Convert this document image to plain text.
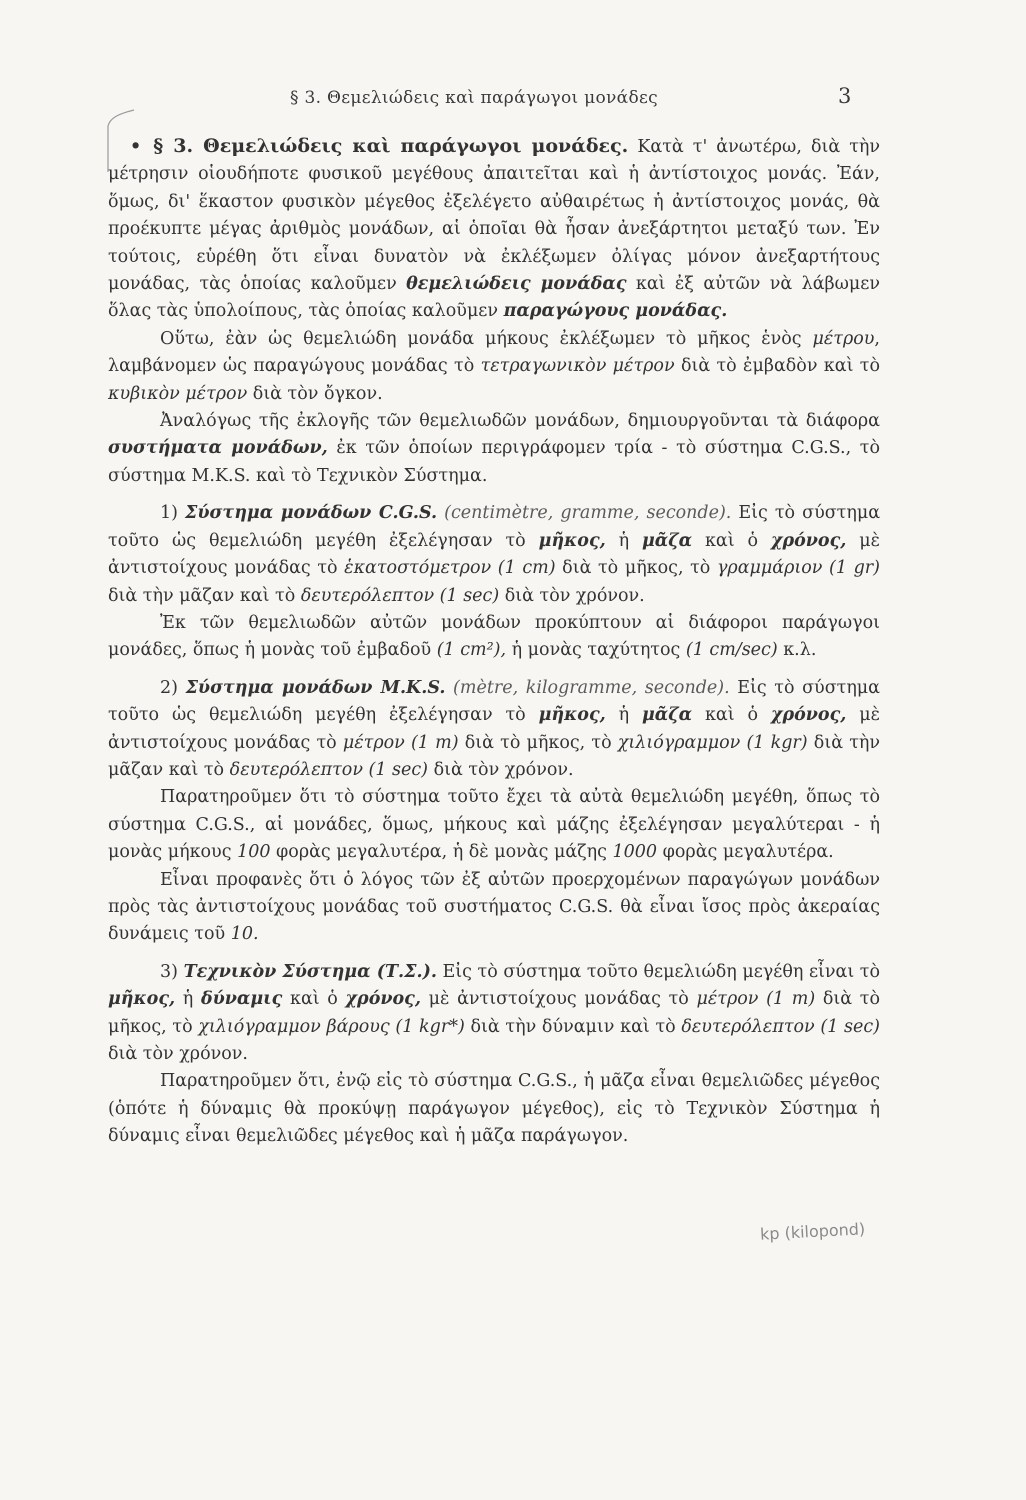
§ 3. Θεμελιώδεις καὶ παράγωγοι μονάδες	3

• § 3. Θεμελιώδεις καὶ παράγωγοι μονάδες. Κατὰ τ' ἀνωτέρω, διὰ τὴν μέτρησιν οἱουδήποτε φυσικοῦ μεγέθους ἀπαιτεῖται καὶ ἡ ἀντίστοιχος μονάς. Ἐάν, ὅμως, δι' ἕκαστον φυσικὸν μέγεθος ἐξελέγετο αὐθαιρέτως ἡ ἀντίστοιχος μονάς, θὰ προέκυπτε μέγας ἀριθμὸς μονάδων, αἱ ὁποῖαι θὰ ἦσαν ἀνεξάρτητοι μεταξύ των. Ἐν τούτοις, εὑρέθη ὅτι εἶναι δυνατὸν νὰ ἐκλέξωμεν ὀλίγας μόνον ἀνεξαρτήτους μονάδας, τὰς ὁποίας καλοῦμεν θεμελιώδεις μονάδας καὶ ἐξ αὐτῶν νὰ λάβωμεν ὅλας τὰς ὑπολοίπους, τὰς ὁποίας καλοῦμεν παραγώγους μονάδας.

Οὕτω, ἐὰν ὡς θεμελιώδη μονάδα μήκους ἐκλέξωμεν τὸ μῆκος ἑνὸς μέτρου, λαμβάνομεν ὡς παραγώγους μονάδας τὸ τετραγωνικὸν μέτρον διὰ τὸ ἐμβαδὸν καὶ τὸ κυβικὸν μέτρον διὰ τὸν ὄγκον.

Ἀναλόγως τῆς ἐκλογῆς τῶν θεμελιωδῶν μονάδων, δημιουργοῦνται τὰ διάφορα συστήματα μονάδων, ἐκ τῶν ὁποίων περιγράφομεν τρία - τὸ σύστημα C.G.S., τὸ σύστημα M.K.S. καὶ τὸ Τεχνικὸν Σύστημα.

1) Σύστημα μονάδων C.G.S. (centimètre, gramme, seconde). Εἰς τὸ σύστημα τοῦτο ὡς θεμελιώδη μεγέθη ἐξελέγησαν τὸ μῆκος, ἡ μᾶζα καὶ ὁ χρόνος, μὲ ἀντιστοίχους μονάδας τὸ ἑκατοστόμετρον (1 cm) διὰ τὸ μῆκος, τὸ γραμμάριον (1 gr) διὰ τὴν μᾶζαν καὶ τὸ δευτερόλεπτον (1 sec) διὰ τὸν χρόνον.

Ἐκ τῶν θεμελιωδῶν αὐτῶν μονάδων προκύπτουν αἱ διάφοροι παράγωγοι μονάδες, ὅπως ἡ μονὰς τοῦ ἐμβαδοῦ (1 cm²), ἡ μονὰς ταχύτητος (1 cm/sec) κ.λ.

2) Σύστημα μονάδων M.K.S. (mètre, kilogramme, seconde). Εἰς τὸ σύστημα τοῦτο ὡς θεμελιώδη μεγέθη ἐξελέγησαν τὸ μῆκος, ἡ μᾶζα καὶ ὁ χρόνος, μὲ ἀντιστοίχους μονάδας τὸ μέτρον (1 m) διὰ τὸ μῆκος, τὸ χιλιόγραμμον (1 kgr) διὰ τὴν μᾶζαν καὶ τὸ δευτερόλεπτον (1 sec) διὰ τὸν χρόνον.

Παρατηροῦμεν ὅτι τὸ σύστημα τοῦτο ἔχει τὰ αὐτὰ θεμελιώδη μεγέθη, ὅπως τὸ σύστημα C.G.S., αἱ μονάδες, ὅμως, μήκους καὶ μάζης ἐξελέγησαν μεγαλύτεραι - ἡ μονὰς μήκους 100 φορὰς μεγαλυτέρα, ἡ δὲ μονὰς μάζης 1000 φορὰς μεγαλυτέρα.

Εἶναι προφανὲς ὅτι ὁ λόγος τῶν ἐξ αὐτῶν προερχομένων παραγώγων μονάδων πρὸς τὰς ἀντιστοίχους μονάδας τοῦ συστήματος C.G.S. θὰ εἶναι ἴσος πρὸς ἀκεραίας δυνάμεις τοῦ 10.

3) Τεχνικὸν Σύστημα (Τ.Σ.). Εἰς τὸ σύστημα τοῦτο θεμελιώδη μεγέθη εἶναι τὸ μῆκος, ἡ δύναμις καὶ ὁ χρόνος, μὲ ἀντιστοίχους μονάδας τὸ μέτρον (1 m) διὰ τὸ μῆκος, τὸ χιλιόγραμμον βάρους (1 kgr*) διὰ τὴν δύναμιν καὶ τὸ δευτερόλεπτον (1 sec) διὰ τὸν χρόνον.

Παρατηροῦμεν ὅτι, ἐνῷ εἰς τὸ σύστημα C.G.S., ἡ μᾶζα εἶναι θεμελιῶδες μέγεθος (ὁπότε ἡ δύναμις θὰ προκύψῃ παράγωγον μέγεθος), εἰς τὸ Τεχνικὸν Σύστημα ἡ δύναμις εἶναι θεμελιῶδες μέγεθος καὶ ἡ μᾶζα παράγωγον.

kp (kilopond)
